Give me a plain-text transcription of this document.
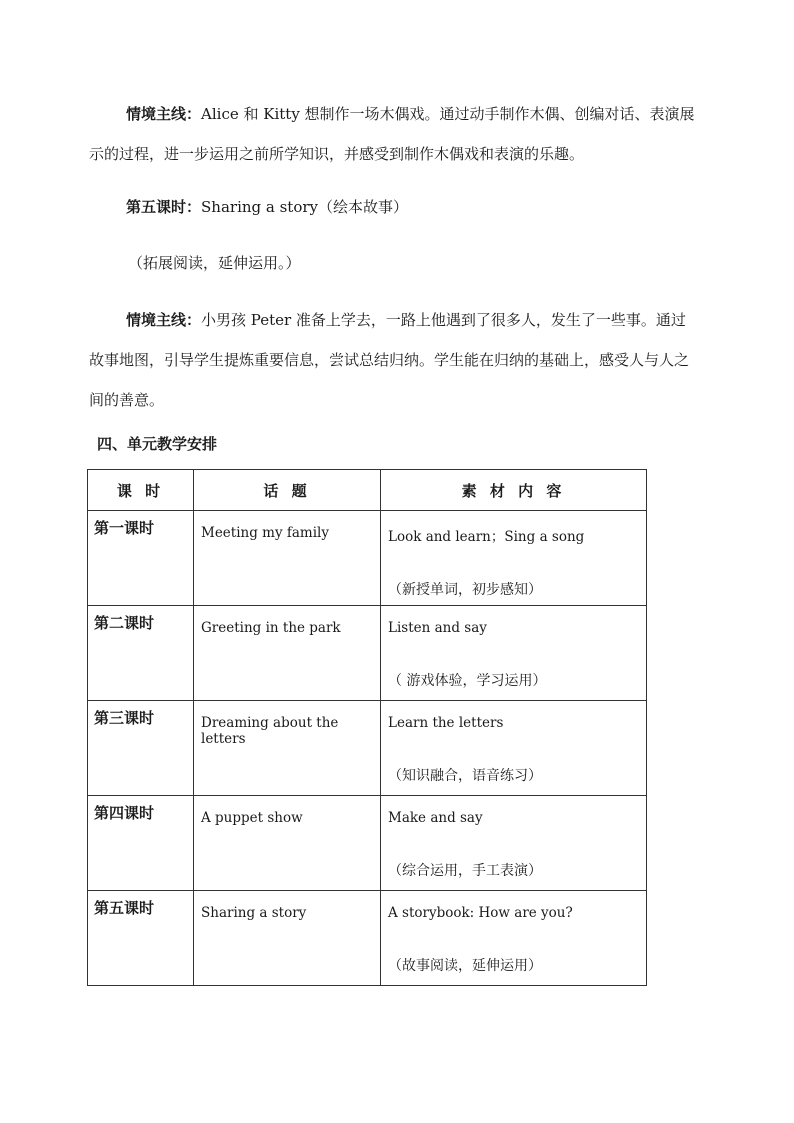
情境主线：Alice 和 Kitty 想制作一场木偶戏。通过动手制作木偶、创编对话、表演展示的过程，进一步运用之前所学知识，并感受到制作木偶戏和表演的乐趣。

第五课时：Sharing a story（绘本故事）

（拓展阅读，延伸运用。）

情境主线：小男孩 Peter 准备上学去，一路上他遇到了很多人，发生了一些事。通过故事地图，引导学生提炼重要信息，尝试总结归纳。学生能在归纳的基础上，感受人与人之间的善意。

四、单元教学安排

课 时	话 题	素 材 内 容

第一课时	Meeting my family	Look and learn；Sing a song
（新授单词，初步感知）

第二课时	Greeting in the park	Listen and say
（ 游戏体验，学习运用）

第三课时	Dreaming about the letters	Learn the letters
（知识融合，语音练习）

第四课时	A puppet show	Make and say
（综合运用，手工表演）

第五课时	Sharing a story	A storybook: How are you?
（故事阅读，延伸运用）
